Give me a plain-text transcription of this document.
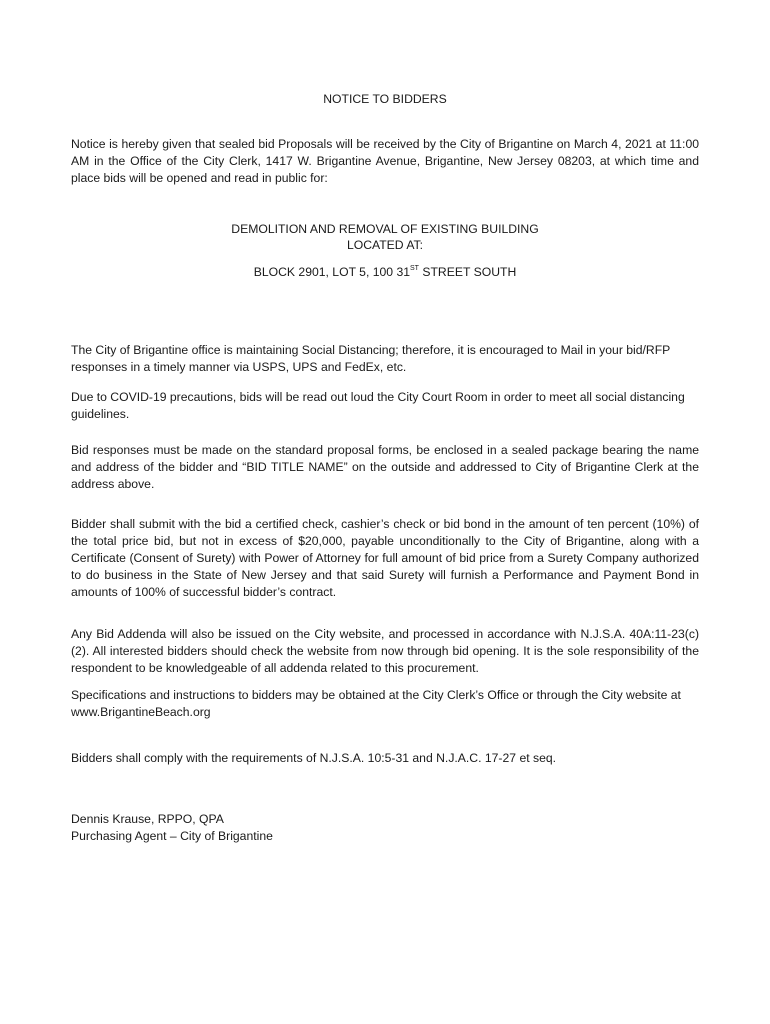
NOTICE TO BIDDERS
Notice is hereby given that sealed bid Proposals will be received by the City of Brigantine on March 4, 2021 at 11:00 AM in the Office of the City Clerk, 1417 W. Brigantine Avenue, Brigantine, New Jersey 08203, at which time and place bids will be opened and read in public for:
DEMOLITION AND REMOVAL OF EXISTING BUILDING
LOCATED AT:
BLOCK 2901, LOT 5, 100 31ST STREET SOUTH
The City of Brigantine office is maintaining Social Distancing; therefore, it is encouraged to Mail in your bid/RFP responses in a timely manner via USPS, UPS and FedEx, etc.
Due to COVID-19 precautions, bids will be read out loud the City Court Room in order to meet all social distancing guidelines.
Bid responses must be made on the standard proposal forms, be enclosed in a sealed package bearing the name and address of the bidder and “BID TITLE NAME” on the outside and addressed to City of Brigantine Clerk at the address above.
Bidder shall submit with the bid a certified check, cashier’s check or bid bond in the amount of ten percent (10%) of the total price bid, but not in excess of $20,000, payable unconditionally to the City of Brigantine, along with a Certificate (Consent of Surety) with Power of Attorney for full amount of bid price from a Surety Company authorized to do business in the State of New Jersey and that said Surety will furnish a Performance and Payment Bond in amounts of 100% of successful bidder’s contract.
Any Bid Addenda will also be issued on the City website, and processed in accordance with N.J.S.A. 40A:11-23(c)(2). All interested bidders should check the website from now through bid opening. It is the sole responsibility of the respondent to be knowledgeable of all addenda related to this procurement.
Specifications and instructions to bidders may be obtained at the City Clerk’s Office or through the City website at www.BrigantineBeach.org
Bidders shall comply with the requirements of N.J.S.A. 10:5-31 and N.J.A.C. 17-27 et seq.
Dennis Krause, RPPO, QPA
Purchasing Agent – City of Brigantine
